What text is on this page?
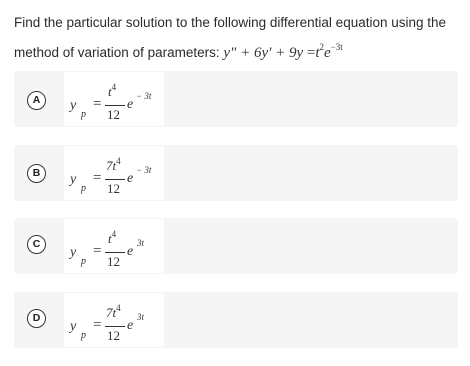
Find the particular solution to the following differential equation using the
method of variation of parameters: y" + $6y' + 9y =t^2e^{-3t}$
A	y
p
=
$t^4$
12
e
− 3t
B	y
p
=
$7t^4$
12
e
− 3t
C
y
p
=
$t^4$
12
e
3t
D
y
p
=
$7t^4$
12
e
3t
